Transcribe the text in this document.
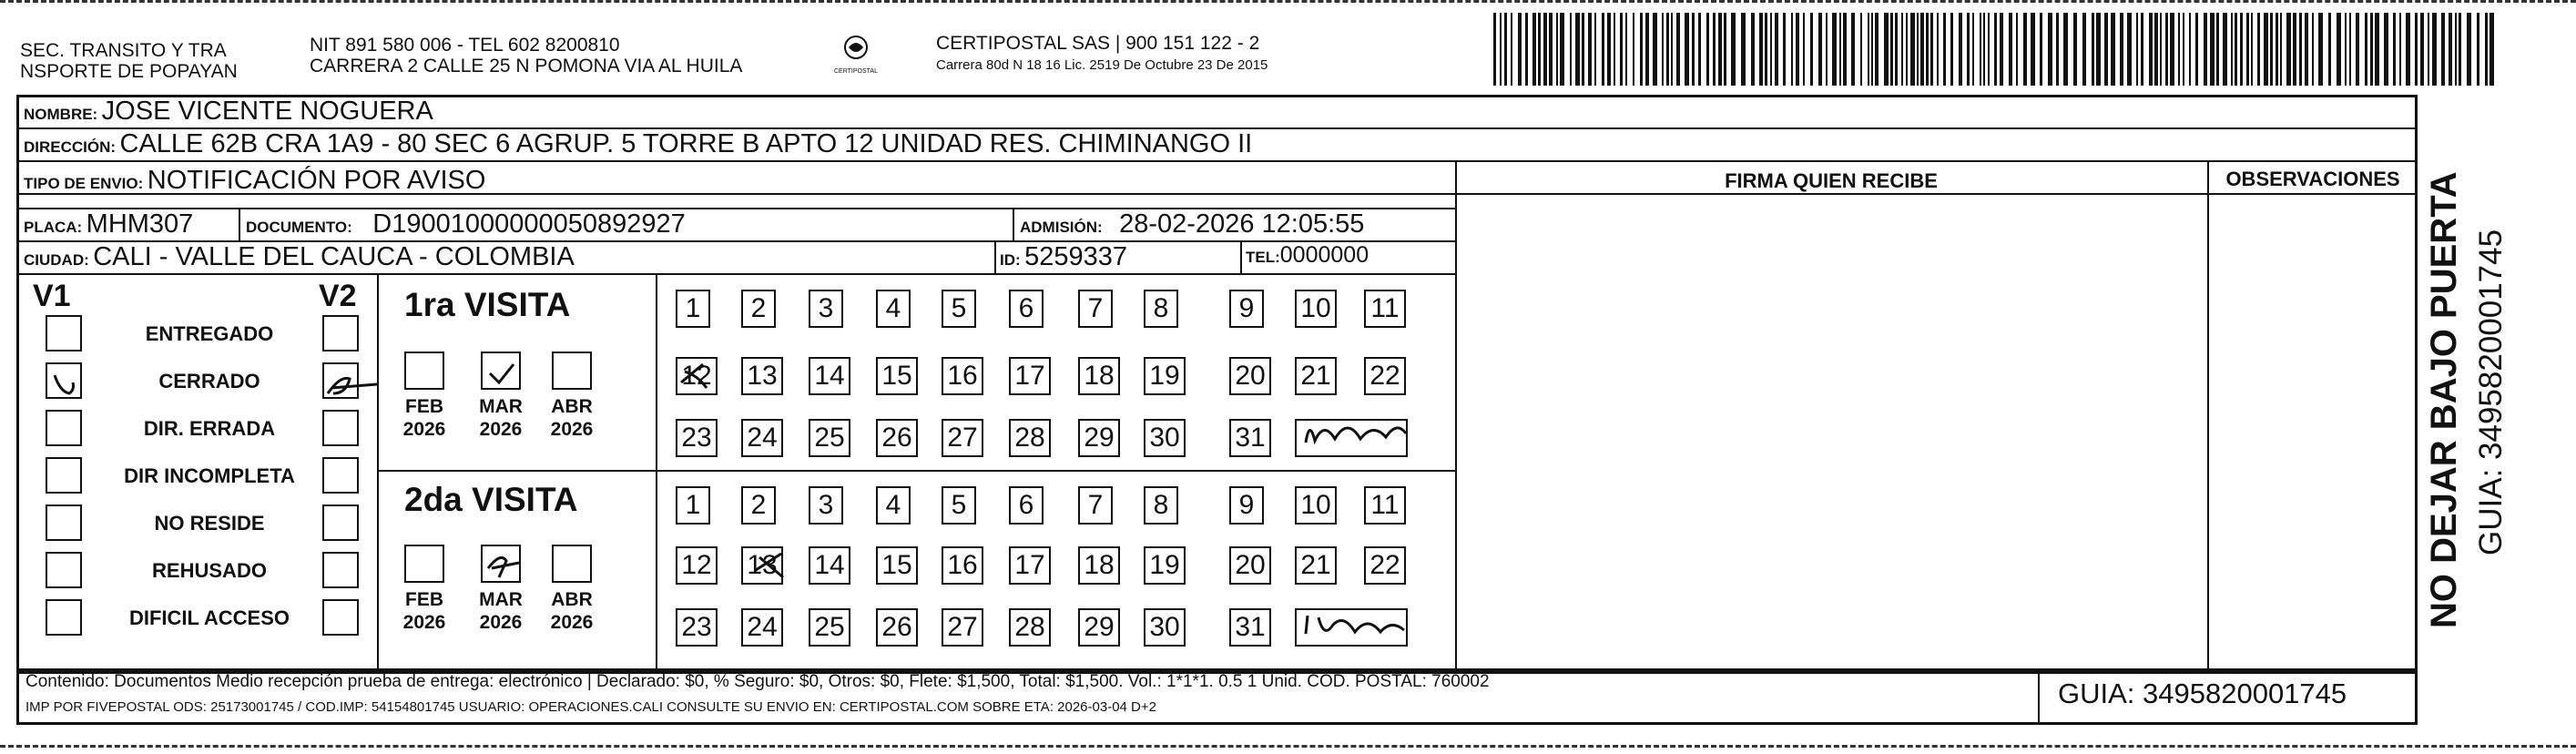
SEC. TRANSITO Y TRA
NSPORTE DE POPAYAN
NIT 891 580 006 - TEL 602 8200810
CARRERA 2 CALLE 25 N POMONA VIA AL HUILA	CERTIPOSTAL
CERTIPOSTAL SAS | 900 151 122 - 2
Carrera 80d N 18 16 Lic. 2519 De Octubre 23 De 2015
NOMBRE: JOSE VICENTE NOGUERA
DIRECCIÓN: CALLE 62B CRA 1A9 - 80 SEC 6 AGRUP. 5 TORRE B APTO 12 UNIDAD RES. CHIMINANGO II
TIPO DE ENVIO: NOTIFICACIÓN POR AVISO
PLACA: MHM307	DOCUMENTO: D19001000000050892927	ADMISIÓN: 28-02-2026 12:05:55
CIUDAD: CALI - VALLE DEL CAUCA - COLOMBIA	ID: 5259337	TEL:0000000
FIRMA QUIEN RECIBE	OBSERVACIONES
V1	V2
ENTREGADO
CERRADO
DIR. ERRADA
DIR INCOMPLETA
NO RESIDE
REHUSADO
DIFICIL ACCESO
1ra VISITA
2da VISITA
FEB
2026
MAR
2026
ABR
2026
FEB
2026
MAR
2026
ABR
2026
1	2	3	4	5	6	7	8	9	10 11
12 13 14 15 16 17 18 19 20 21 22
23 24 25 26 27 28 29 30 31
1	2	3	4	5	6	7	8	9	10 11
12 13 14 15 16 17 18 19 20 21 22
23 24 25 26 27 28 29 30 31
Contenido: Documentos Medio recepción prueba de entrega: electrónico | Declarado: $0, % Seguro: $0, Otros: $0, Flete: $1,500, Total: $1,500. Vol.: 1*1*1. 0.5 1 Unid. COD. POSTAL: 760002
IMP POR FIVEPOSTAL ODS: 25173001745 / COD.IMP: 54154801745 USUARIO: OPERACIONES.CALI CONSULTE SU ENVIO EN: CERTIPOSTAL.COM SOBRE ETA: 2026-03-04 D+2	GUIA: 3495820001745
NO DEJAR BAJO PUERTA GUIA: 3495820001745
